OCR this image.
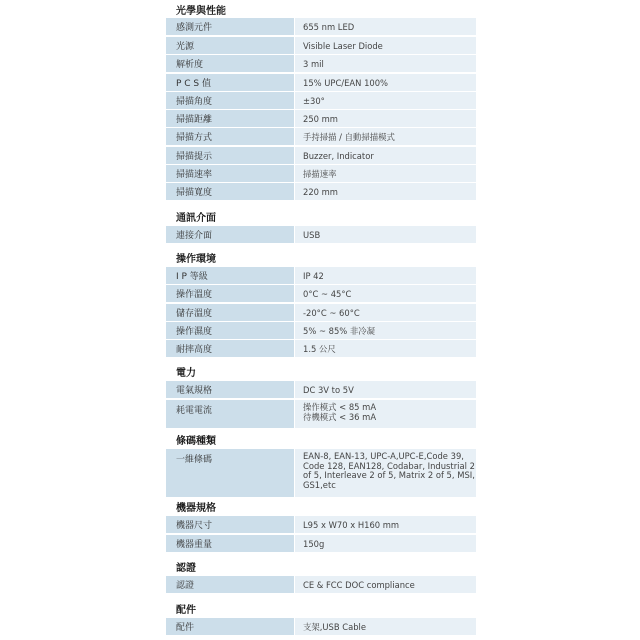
光學與性能
感測元件	655 nm LED
光源	Visible Laser Diode
解析度	3 mil
P C S 值	15% UPC/EAN 100%
掃描角度	±30°
掃描距離	250 mm
掃描方式	手持掃描 / 自動掃描模式
掃描提示	Buzzer, Indicator
掃描速率	掃描速率
掃描寬度	220 mm
通訊介面
連接介面	USB
操作環境
I P 等級	IP 42
操作溫度	0°C ~ 45°C
儲存溫度	-20°C ~ 60°C
操作濕度	5% ~ 85% 非冷凝
耐摔高度	1.5 公尺
電力
電氣規格	DC 3V to 5V
耗電電流	操作模式 < 85 mA
待機模式 < 36 mA
條碼種類
一維條碼	EAN-8, EAN-13, UPC-A,UPC-E,Code 39,
Code 128, EAN128, Codabar, Industrial 2
of 5, Interleave 2 of 5, Matrix 2 of 5, MSI,
GS1,etc
機器規格
機器尺寸	L95 x W70 x H160 mm
機器重量	150g
認證
認證	CE & FCC DOC compliance
配件
配件	支架,USB Cable
